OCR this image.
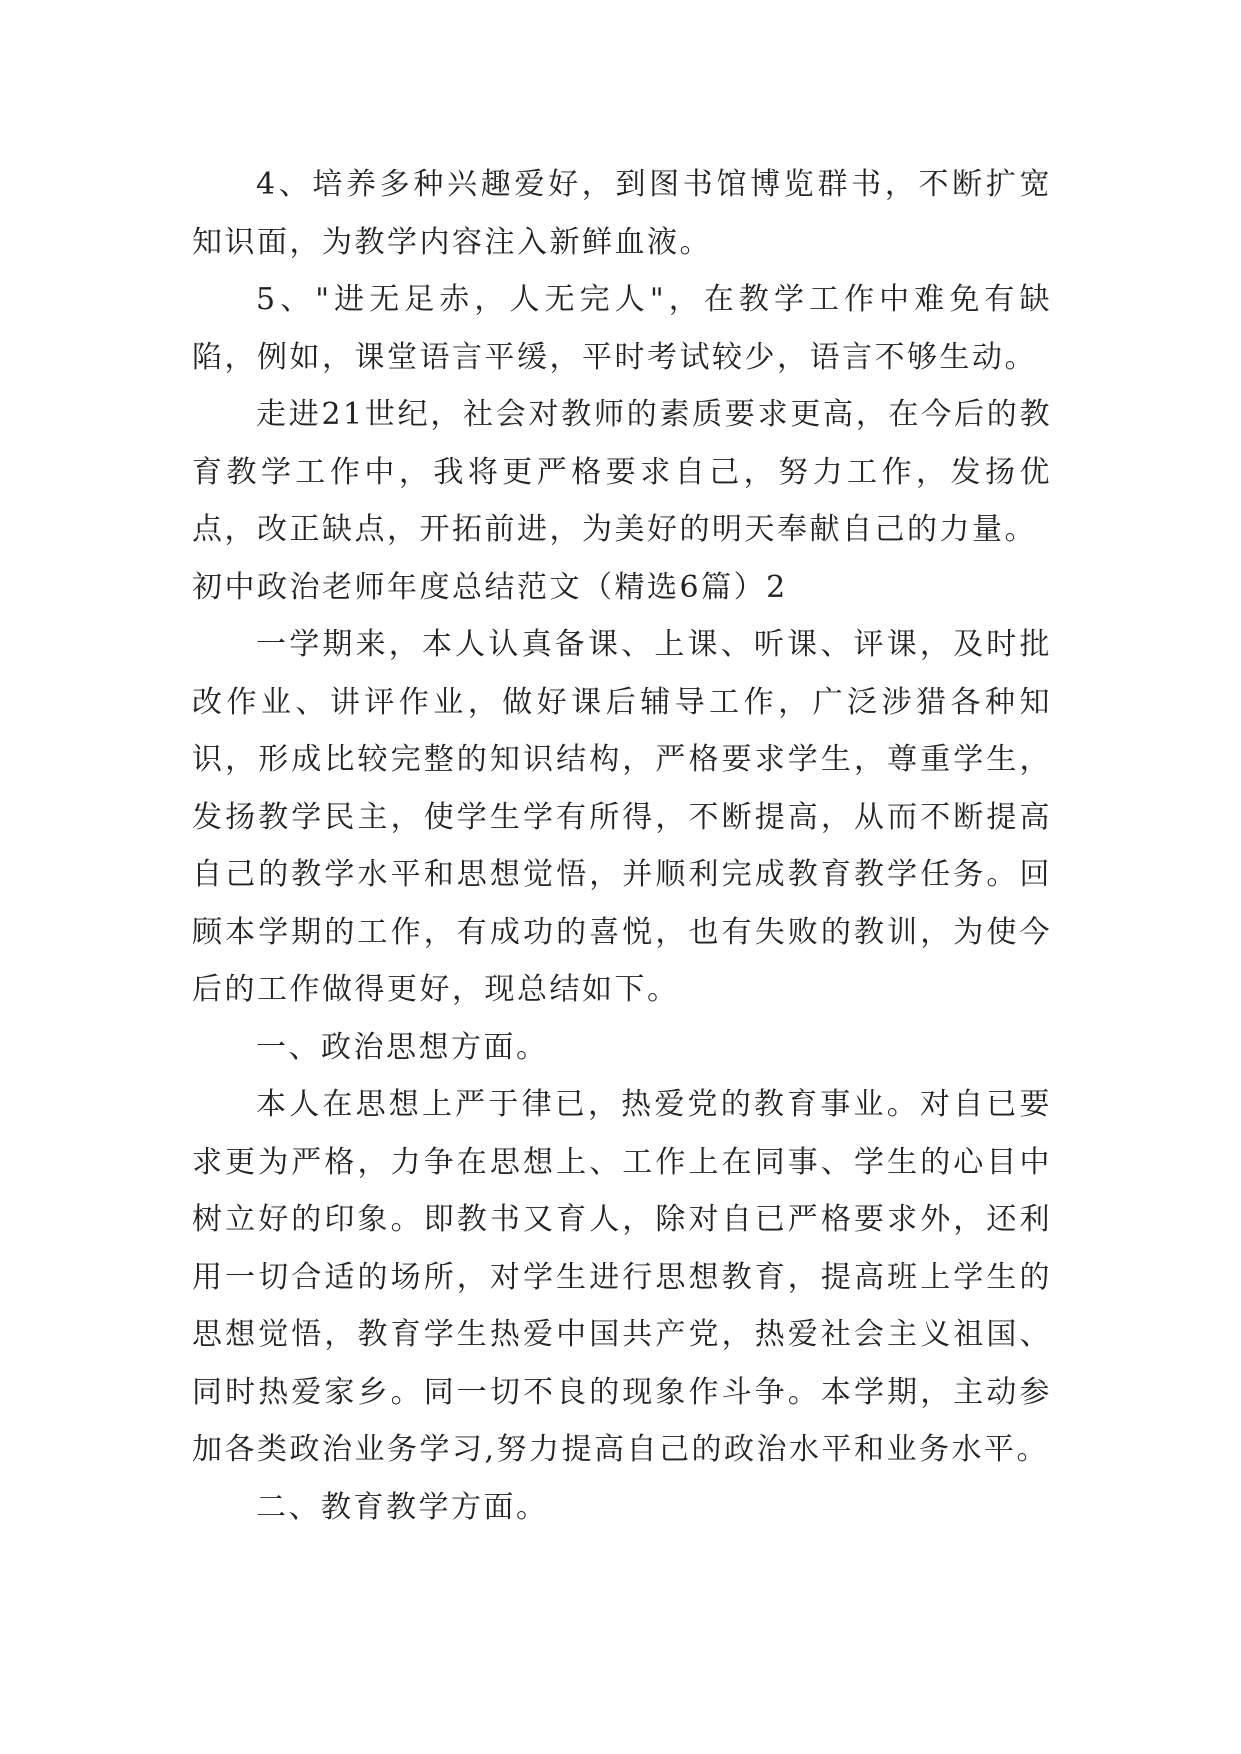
4、培养多种兴趣爱好，到图书馆博览群书，不断扩宽知识面，为教学内容注入新鲜血液。

5、"进无足赤，人无完人"，在教学工作中难免有缺陷，例如，课堂语言平缓，平时考试较少，语言不够生动。

走进21世纪，社会对教师的素质要求更高，在今后的教育教学工作中，我将更严格要求自己，努力工作，发扬优点，改正缺点，开拓前进，为美好的明天奉献自己的力量。

初中政治老师年度总结范文（精选6篇）2

一学期来，本人认真备课、上课、听课、评课，及时批改作业、讲评作业，做好课后辅导工作，广泛涉猎各种知识，形成比较完整的知识结构，严格要求学生，尊重学生，发扬教学民主，使学生学有所得，不断提高，从而不断提高自己的教学水平和思想觉悟，并顺利完成教育教学任务。回顾本学期的工作，有成功的喜悦，也有失败的教训，为使今后的工作做得更好，现总结如下。

一、政治思想方面。

本人在思想上严于律已，热爱党的教育事业。对自已要求更为严格，力争在思想上、工作上在同事、学生的心目中树立好的印象。即教书又育人，除对自已严格要求外，还利用一切合适的场所，对学生进行思想教育，提高班上学生的思想觉悟，教育学生热爱中国共产党，热爱社会主义祖国、同时热爱家乡。同一切不良的现象作斗争。本学期，主动参加各类政治业务学习,努力提高自己的政治水平和业务水平。

二、教育教学方面。
